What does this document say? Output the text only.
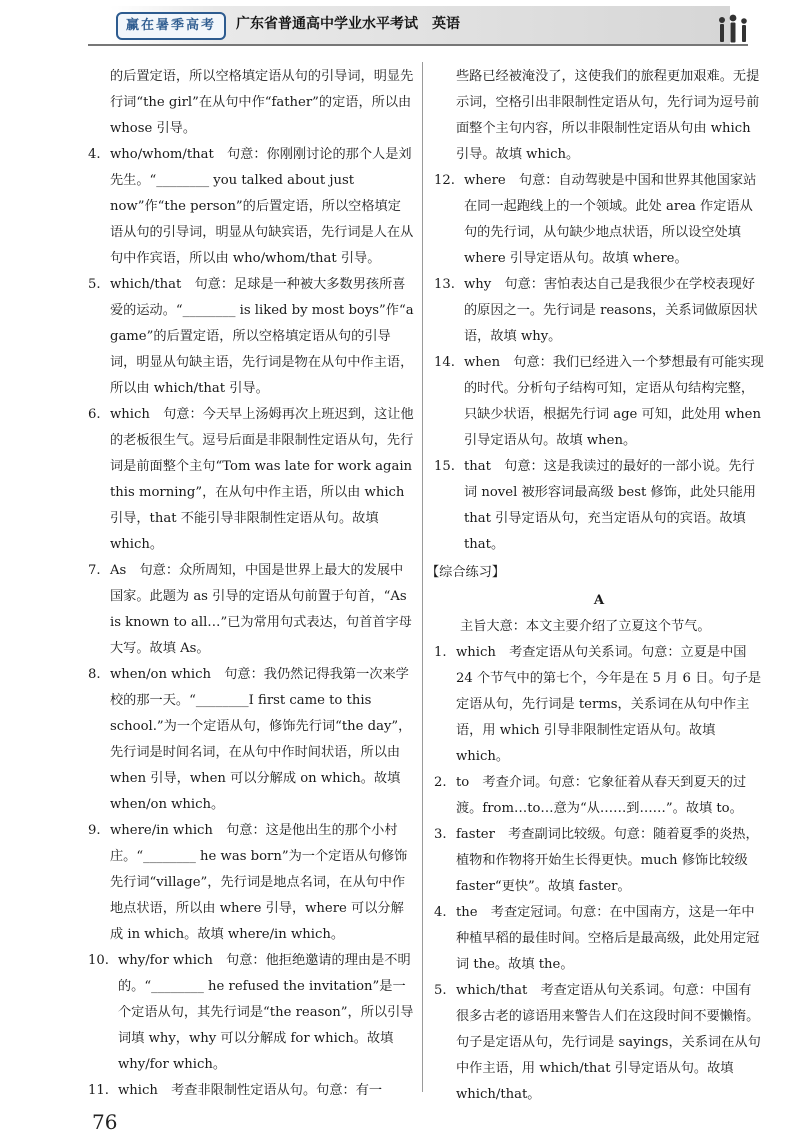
赢在暑季高考	广东省普通高中学业水平考试 英语

的后置定语，所以空格填定语从句的引导词，明显先行词“the girl”在从句中作“father”的定语，所以由 whose 引导。

4. who/whom/that　句意：你刚刚讨论的那个人是刘先生。“________ you talked about just now”作“the person”的后置定语，所以空格填定语从句的引导词，明显从句缺宾语，先行词是人在从句中作宾语，所以由 who/whom/that 引导。
5. which/that　句意：足球是一种被大多数男孩所喜爱的运动。“________ is liked by most boys”作“a game”的后置定语，所以空格填定语从句的引导词，明显从句缺主语，先行词是物在从句中作主语，所以由 which/that 引导。
6. which　句意：今天早上汤姆再次上班迟到，这让他的老板很生气。逗号后面是非限制性定语从句，先行词是前面整个主句“Tom was late for work again this morning”，在从句中作主语，所以由 which 引导，that 不能引导非限制性定语从句。故填 which。
7. As　句意：众所周知，中国是世界上最大的发展中国家。此题为 as 引导的定语从句前置于句首，“As is known to all…”已为常用句式表达，句首首字母大写。故填 As。
8. when/on which　句意：我仍然记得我第一次来学校的那一天。“________I first came to this school.”为一个定语从句，修饰先行词“the day”，先行词是时间名词，在从句中作时间状语，所以由 when 引导，when 可以分解成 on which。故填 when/on which。
9. where/in which　句意：这是他出生的那个小村庄。“________ he was born”为一个定语从句修饰先行词“village”，先行词是地点名词，在从句中作地点状语，所以由 where 引导，where 可以分解成 in which。故填 where/in which。
10. why/for which　句意：他拒绝邀请的理由是不明的。“________ he refused the invitation”是一个定语从句，其先行词是“the reason”，所以引导词填 why，why 可以分解成 for which。故填 why/for which。
11. which　考查非限制性定语从句。句意：有一

些路已经被淹没了，这使我们的旅程更加艰难。无提示词，空格引出非限制性定语从句，先行词为逗号前面整个主句内容，所以非限制性定语从句由 which 引导。故填 which。

12. where　句意：自动驾驶是中国和世界其他国家站在同一起跑线上的一个领域。此处 area 作定语从句的先行词，从句缺少地点状语，所以设空处填 where 引导定语从句。故填 where。
13. why　句意：害怕表达自己是我很少在学校表现好的原因之一。先行词是 reasons，关系词做原因状语，故填 why。
14. when　句意：我们已经进入一个梦想最有可能实现的时代。分析句子结构可知，定语从句结构完整，只缺少状语，根据先行词 age 可知，此处用 when 引导定语从句。故填 when。
15. that　句意：这是我读过的最好的一部小说。先行词 novel 被形容词最高级 best 修饰，此处只能用 that 引导定语从句，充当定语从句的宾语。故填 that。

【综合练习】

A

主旨大意：本文主要介绍了立夏这个节气。

1. which　考查定语从句关系词。句意：立夏是中国 24 个节气中的第七个，今年是在 5 月 6 日。句子是定语从句，先行词是 terms，关系词在从句中作主语，用 which 引导非限制性定语从句。故填 which。
2. to　考查介词。句意：它象征着从春天到夏天的过渡。from…to…意为“从……到……”。故填 to。
3. faster　考查副词比较级。句意：随着夏季的炎热，植物和作物将开始生长得更快。much 修饰比较级 faster“更快”。故填 faster。
4. the　考查定冠词。句意：在中国南方，这是一年中种植早稻的最佳时间。空格后是最高级，此处用定冠词 the。故填 the。
5. which/that　考查定语从句关系词。句意：中国有很多古老的谚语用来警告人们在这段时间不要懒惰。句子是定语从句，先行词是 sayings，关系词在从句中作主语，用 which/that 引导定语从句。故填 which/that。
76
